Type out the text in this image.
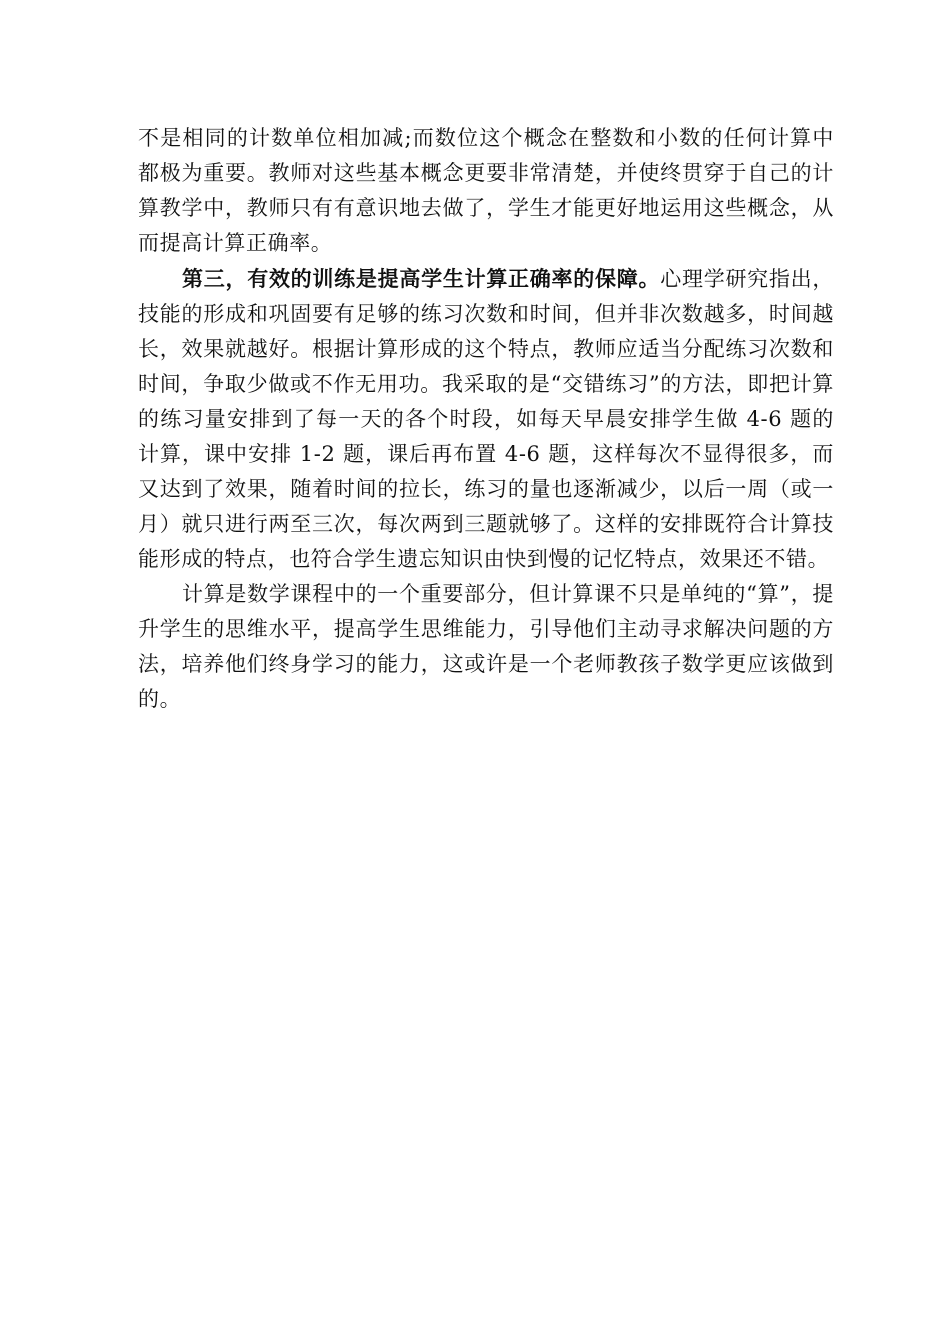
不是相同的计数单位相加减;而数位这个概念在整数和小数的任何计算中都极为重要。教师对这些基本概念更要非常清楚，并使终贯穿于自己的计算教学中，教师只有有意识地去做了，学生才能更好地运用这些概念，从而提高计算正确率。

第三，有效的训练是提高学生计算正确率的保障。心理学研究指出，技能的形成和巩固要有足够的练习次数和时间，但并非次数越多，时间越长，效果就越好。根据计算形成的这个特点，教师应适当分配练习次数和时间，争取少做或不作无用功。我采取的是“交错练习”的方法，即把计算的练习量安排到了每一天的各个时段，如每天早晨安排学生做 4-6 题的计算，课中安排 1-2 题，课后再布置 4-6 题，这样每次不显得很多，而又达到了效果，随着时间的拉长，练习的量也逐渐减少，以后一周（或一月）就只进行两至三次，每次两到三题就够了。这样的安排既符合计算技能形成的特点，也符合学生遗忘知识由快到慢的记忆特点，效果还不错。

计算是数学课程中的一个重要部分，但计算课不只是单纯的“算”，提升学生的思维水平，提高学生思维能力，引导他们主动寻求解决问题的方法，培养他们终身学习的能力，这或许是一个老师教孩子数学更应该做到的。
